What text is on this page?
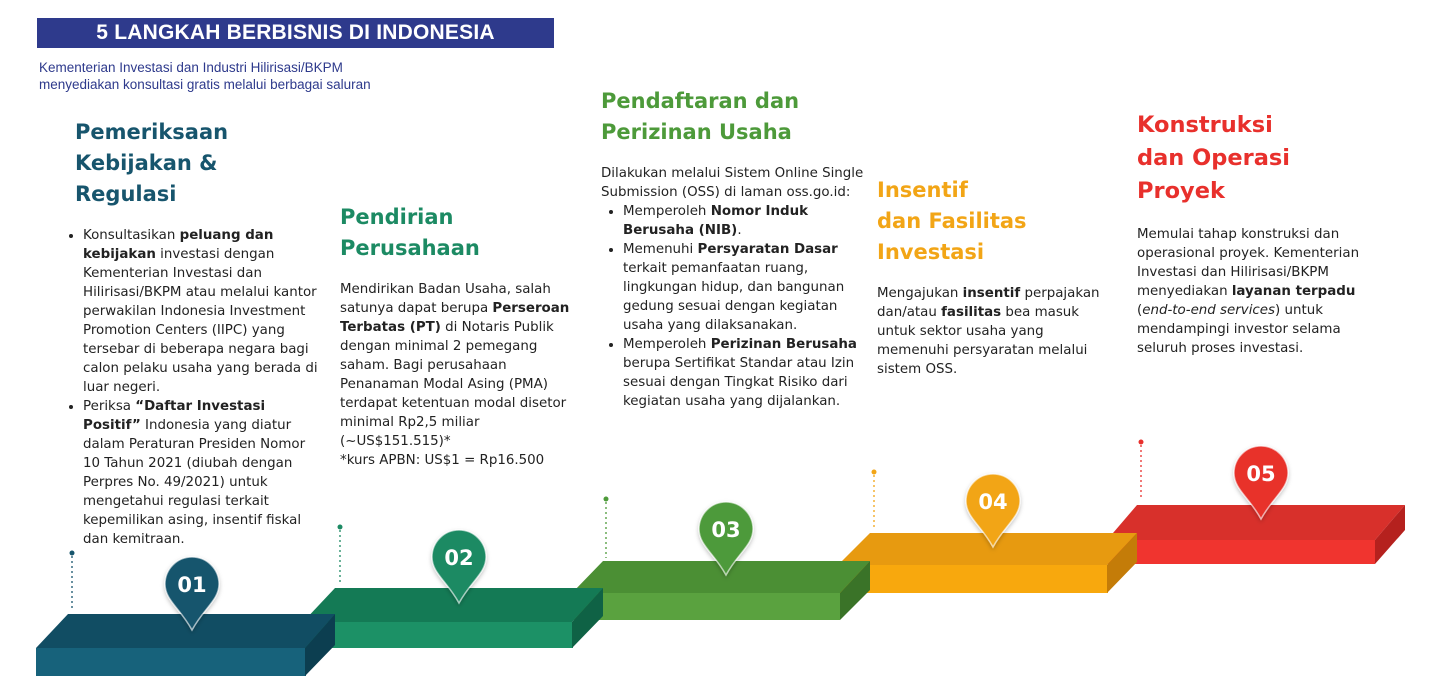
5 LANGKAH BERBISNIS DI INDONESIA
Kementerian Investasi dan Industri Hilirisasi/BKPM
menyediakan konsultasi gratis melalui berbagai saluran
01
02
03
04
05
Pemeriksaan
Kebijakan & Regulasi
• Konsultasikan peluang dan kebijakan investasi dengan Kementerian Investasi dan Hilirisasi/BKPM atau melalui kantor perwakilan Indonesia Investment Promotion Centers (IIPC) yang tersebar di beberapa negara bagi calon pelaku usaha yang berada di luar negeri.
• Periksa “Daftar Investasi Positif” Indonesia yang diatur dalam Peraturan Presiden Nomor 10 Tahun 2021 (diubah dengan Perpres No. 49/2021) untuk mengetahui regulasi terkait kepemilikan asing, insentif fiskal dan kemitraan.
Pendirian
Perusahaan

Mendirikan Badan Usaha, salah satunya dapat berupa Perseroan Terbatas (PT) di Notaris Publik dengan minimal 2 pemegang saham. Bagi perusahaan Penanaman Modal Asing (PMA) terdapat ketentuan modal disetor minimal Rp2,5 miliar (~US$151.515)*

*kurs APBN: US$1 = Rp16.500

Pendaftaran dan
Perizinan Usaha

Dilakukan melalui Sistem Online Single Submission (OSS) di laman oss.go.id:

• Memperoleh Nomor Induk Berusaha (NIB).
• Memenuhi Persyaratan Dasar terkait pemanfaatan ruang, lingkungan hidup, dan bangunan gedung sesuai dengan kegiatan usaha yang dilaksanakan.
• Memperoleh Perizinan Berusaha berupa Sertifikat Standar atau Izin sesuai dengan Tingkat Risiko dari kegiatan usaha yang dijalankan.
Insentif
dan Fasilitas
Investasi

Mengajukan insentif perpajakan dan/atau fasilitas bea masuk untuk sektor usaha yang memenuhi persyaratan melalui sistem OSS.

Konstruksi
dan Operasi
Proyek

Memulai tahap konstruksi dan operasional proyek. Kementerian Investasi dan Hilirisasi/BKPM menyediakan layanan terpadu (end-to-end services) untuk mendampingi investor selama seluruh proses investasi.
